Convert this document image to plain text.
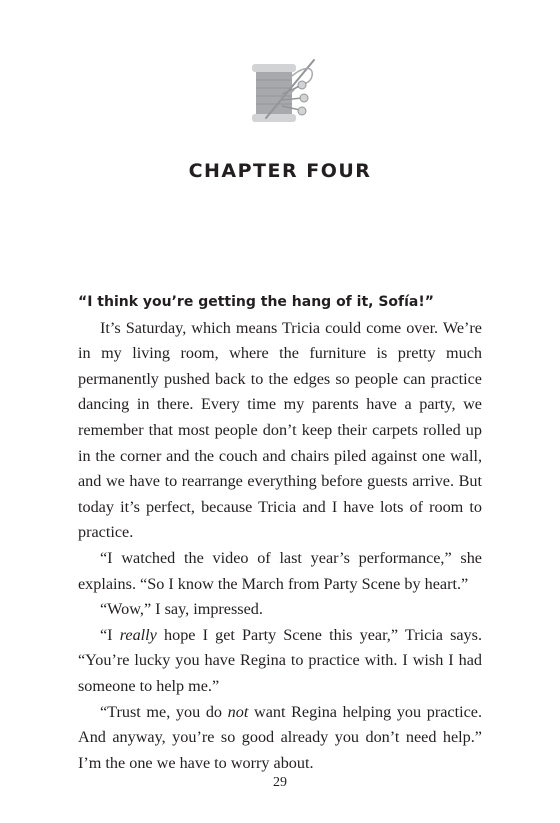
CHAPTER FOUR

“I think you’re getting the hang of it, Sofía!”

It’s Saturday, which means Tricia could come over. We’re in my living room, where the furniture is pretty much permanently pushed back to the edges so people can practice dancing in there. Every time my parents have a party, we remember that most people don’t keep their carpets rolled up in the corner and the couch and chairs piled against one wall, and we have to rearrange everything before guests arrive. But today it’s perfect, because Tricia and I have lots of room to practice.

“I watched the video of last year’s performance,” she explains. “So I know the March from Party Scene by heart.”

“Wow,” I say, impressed.

“I really hope I get Party Scene this year,” Tricia says. “You’re lucky you have Regina to practice with. I wish I had someone to help me.”

“Trust me, you do not want Regina helping you practice. And anyway, you’re so good already you don’t need help.” I’m the one we have to worry about.

29
